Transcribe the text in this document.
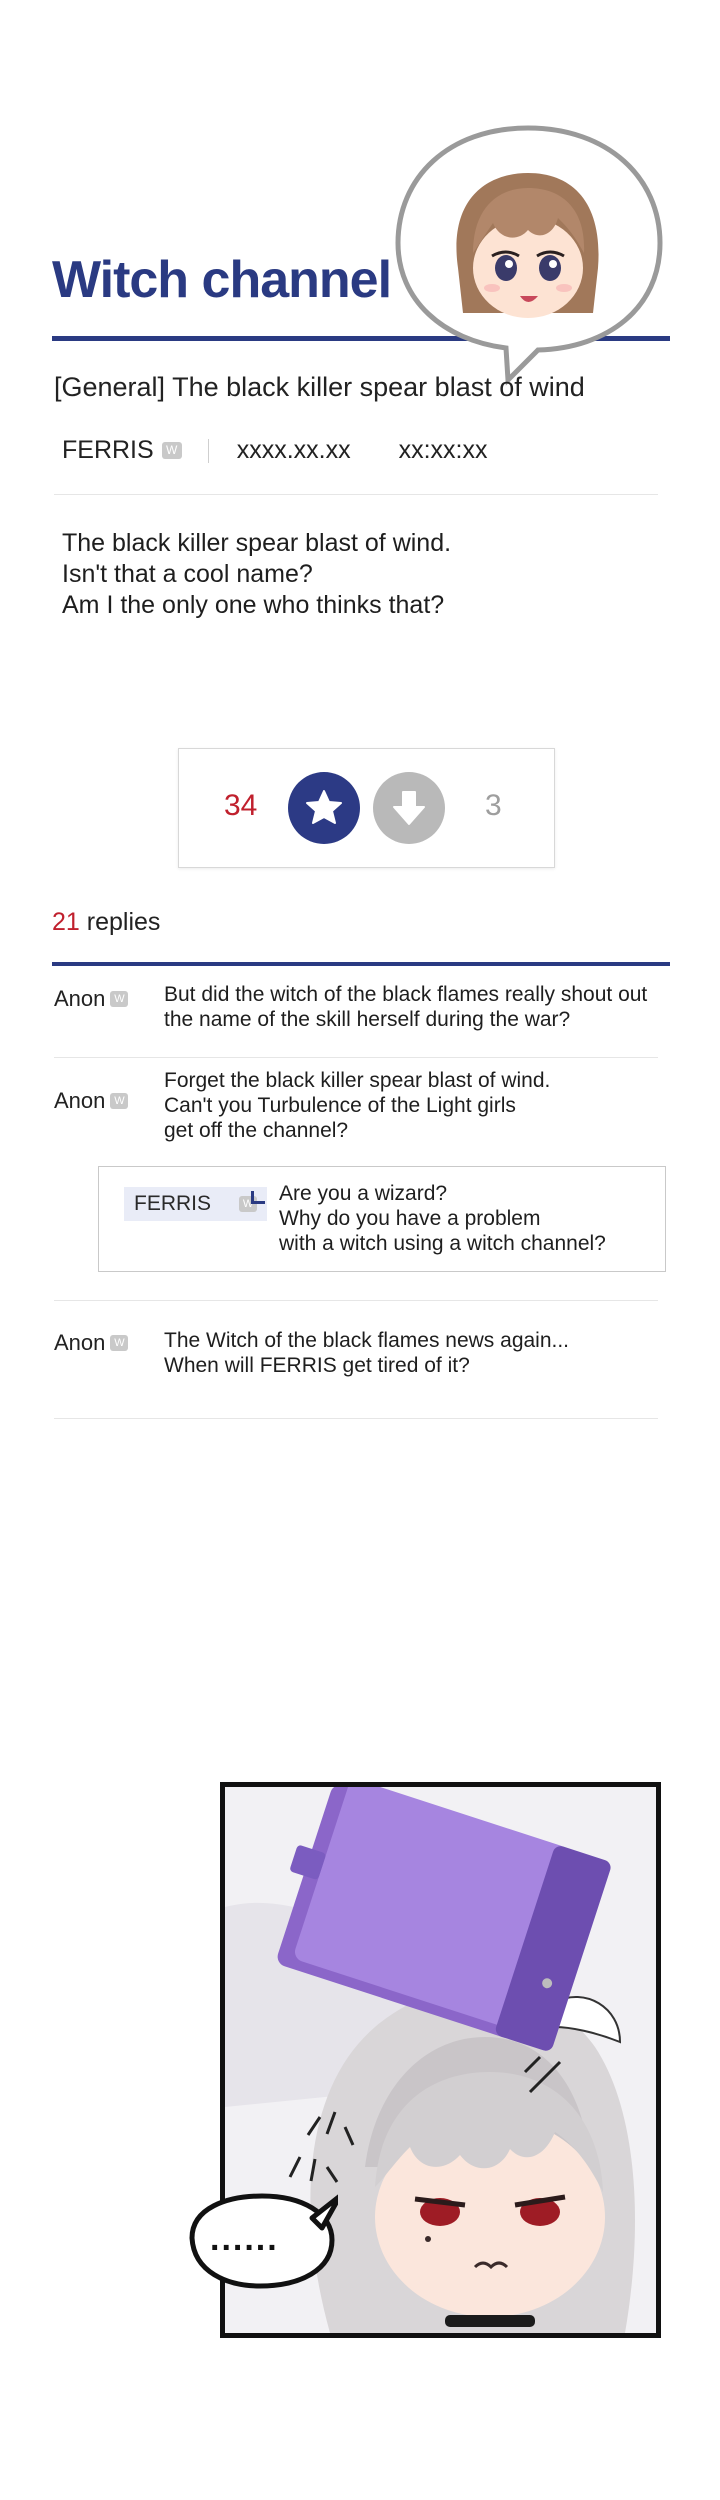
Witch channel
[General] The black killer spear blast of wind
FERRIS	W xxxx.xx.xx xx:xx:xx
The black killer spear blast of wind.
Isn't that a cool name?
Am I the only one who thinks that?
34	3
21 replies
Anon W But did the witch of the black flames really shout out
the name of the skill herself during the war?
Anon W
Forget the black killer spear blast of wind.
Can't you Turbulence of the Light girls
get off the channel?
FERRIS	W Are you a wizard?
Why do you have a problem
with a witch using a witch channel?
Anon W The Witch of the black flames news again...
When will FERRIS get tired of it?
......
